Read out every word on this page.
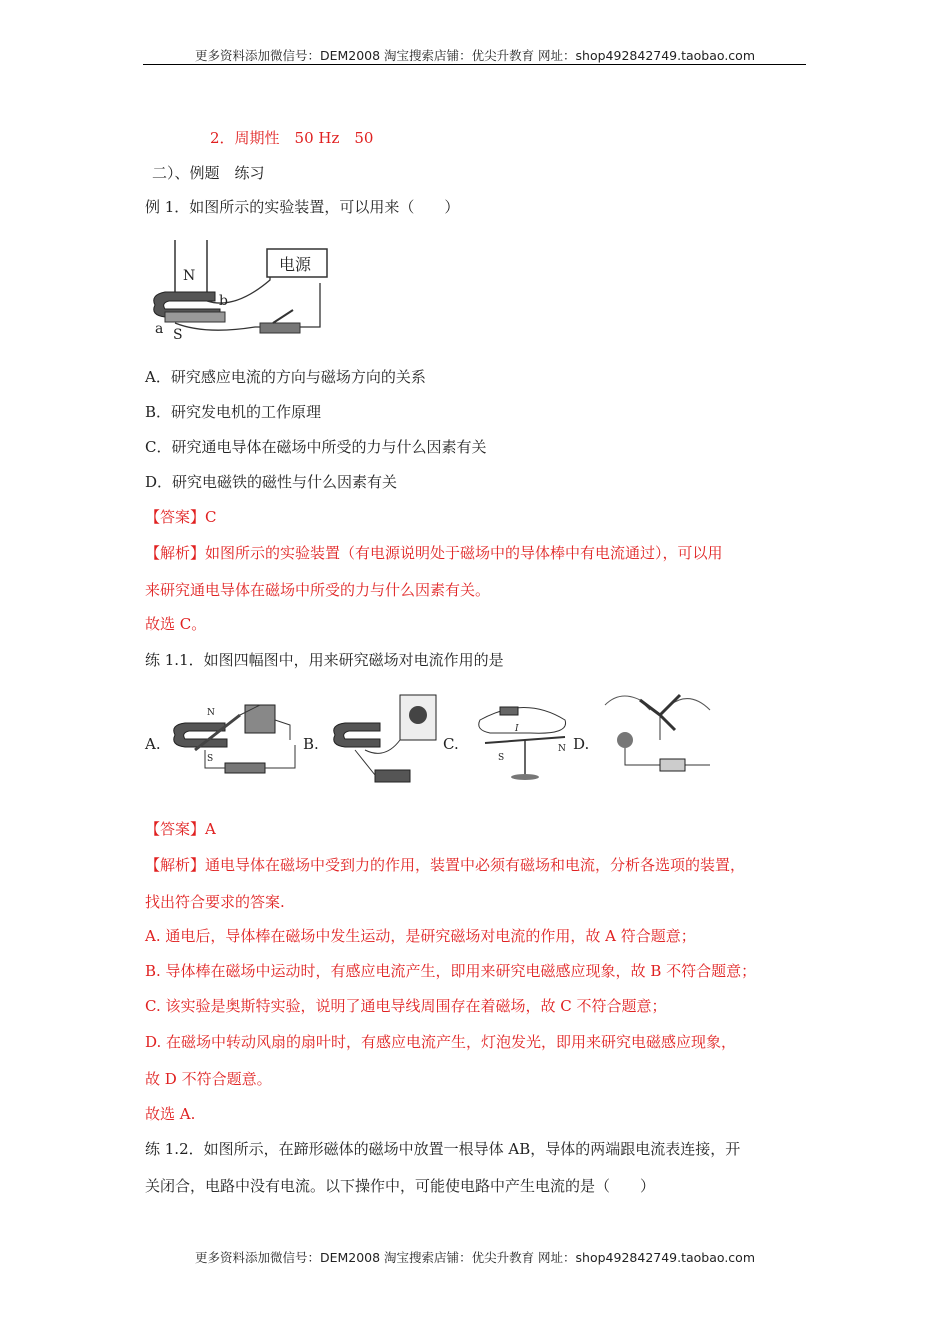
更多资料添加微信号：DEM2008 淘宝搜索店铺：优尖升教育 网址：shop492842749.taobao.com
2．周期性　50 Hz　50
二）、例题　练习
例 1．如图所示的实验装置，可以用来（　　）
电源
N
b
S
a
A．研究感应电流的方向与磁场方向的关系
B．研究发电机的工作原理
C．研究通电导体在磁场中所受的力与什么因素有关
D．研究电磁铁的磁性与什么因素有关
【答案】C
【解析】如图所示的实验装置（有电源说明处于磁场中的导体棒中有电流通过），可以用
来研究通电导体在磁场中所受的力与什么因素有关。
故选 C。
练 1.1．如图四幅图中，用来研究磁场对电流作用的是
A.
N
S
B.	C.
I
S
N D.
【答案】A
【解析】通电导体在磁场中受到力的作用，装置中必须有磁场和电流，分析各选项的装置，
找出符合要求的答案.
A. 通电后，导体棒在磁场中发生运动，是研究磁场对电流的作用，故 A 符合题意；
B. 导体棒在磁场中运动时，有感应电流产生，即用来研究电磁感应现象，故 B 不符合题意；
C. 该实验是奥斯特实验，说明了通电导线周围存在着磁场，故 C 不符合题意；
D. 在磁场中转动风扇的扇叶时，有感应电流产生，灯泡发光，即用来研究电磁感应现象，
故 D 不符合题意。
故选 A.
练 1.2．如图所示，在蹄形磁体的磁场中放置一根导体 AB，导体的两端跟电流表连接，开
关闭合，电路中没有电流。以下操作中，可能使电路中产生电流的是（　　）
更多资料添加微信号：DEM2008 淘宝搜索店铺：优尖升教育 网址：shop492842749.taobao.com
